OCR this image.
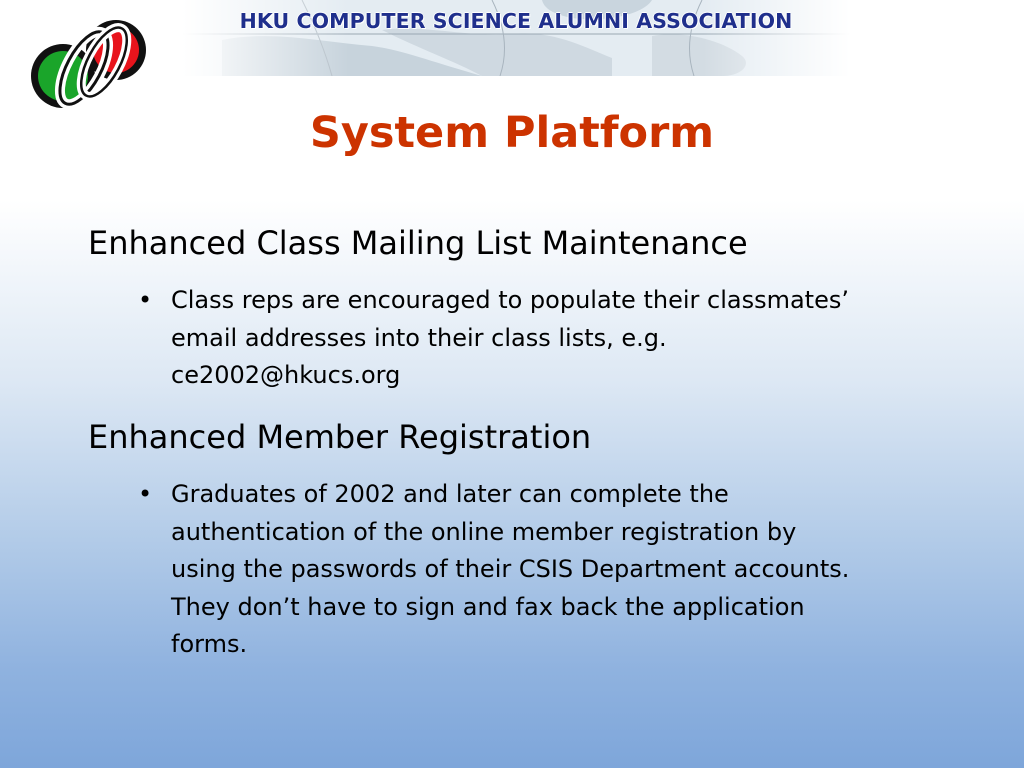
HKU COMPUTER SCIENCE ALUMNI ASSOCIATION
System Platform
Enhanced Class Mailing List Maintenance
• Class reps are encouraged to populate their classmates’
email addresses into their class lists, e.g.
ce2002@hkucs.org
Enhanced Member Registration
• Graduates of 2002 and later can complete the
authentication of the online member registration by
using the passwords of their CSIS Department accounts.
They don’t have to sign and fax back the application
forms.
